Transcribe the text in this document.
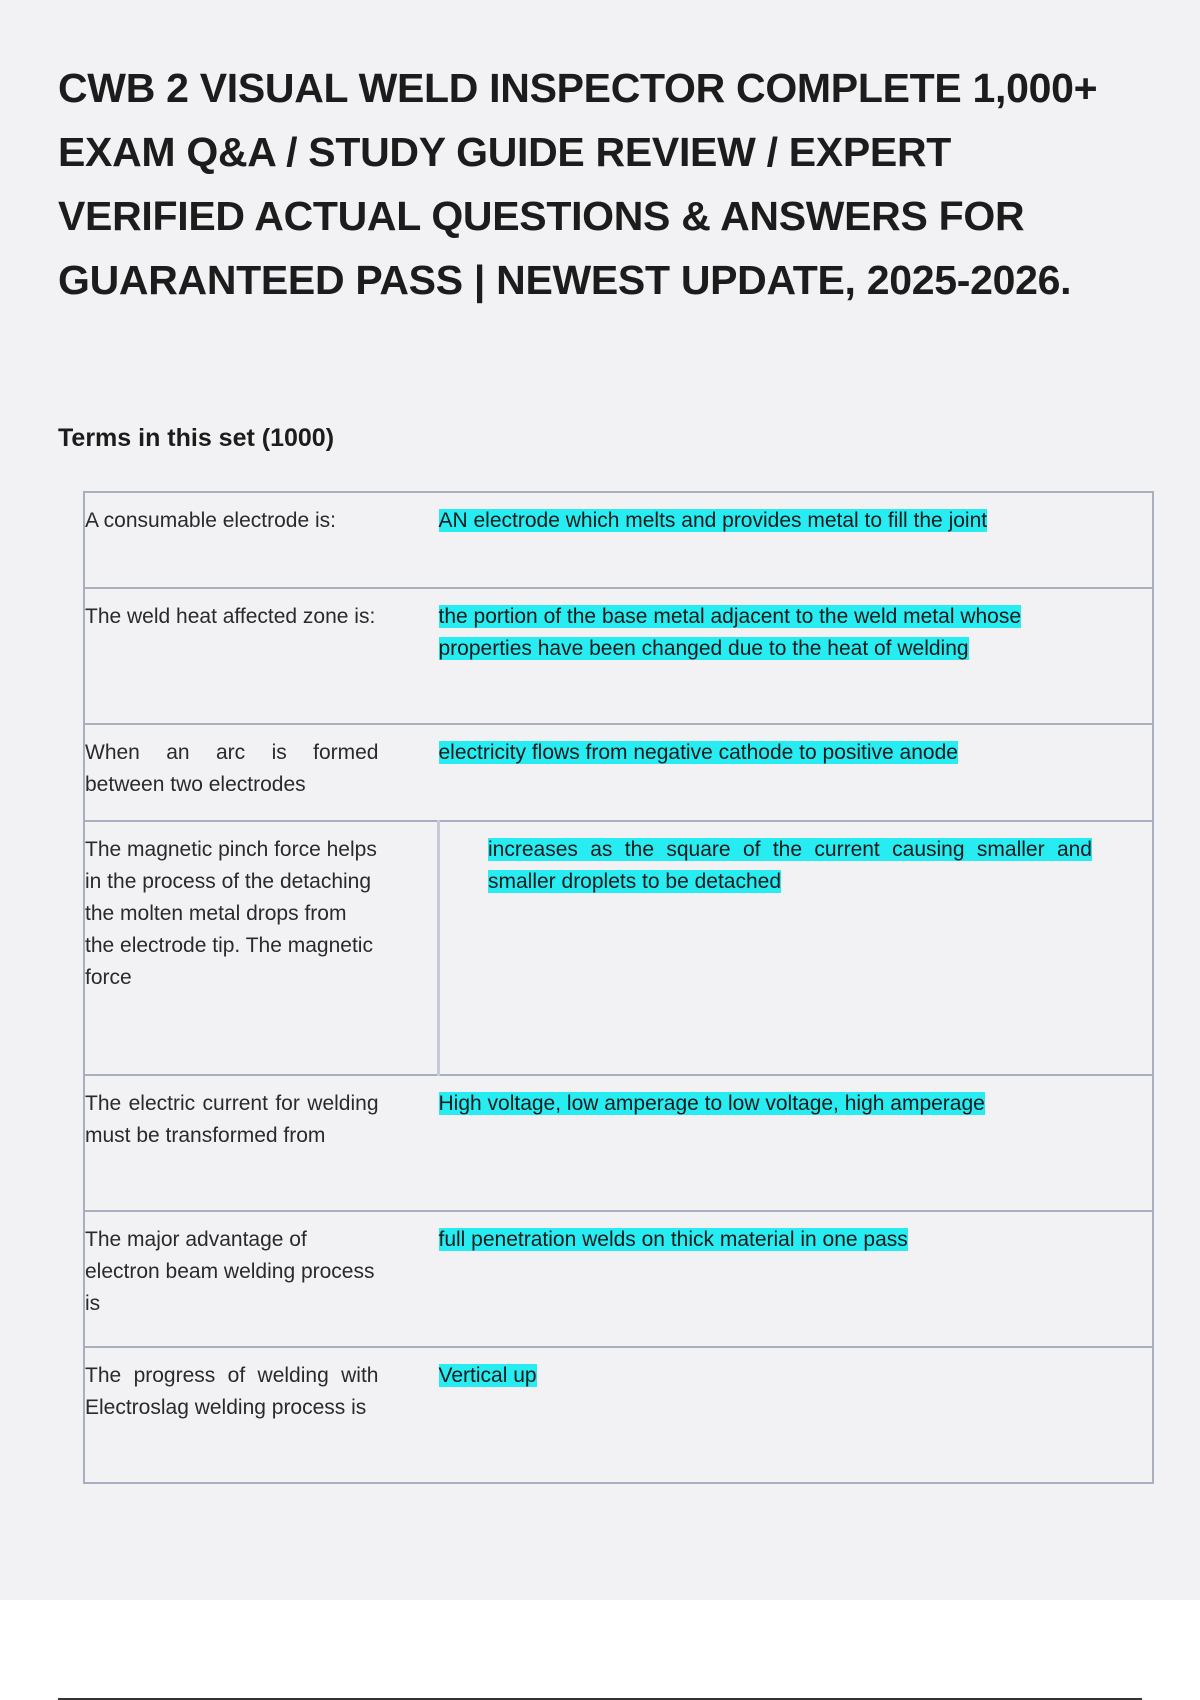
CWB 2 VISUAL WELD INSPECTOR COMPLETE 1,000+ EXAM Q&A / STUDY GUIDE REVIEW / EXPERT VERIFIED ACTUAL QUESTIONS & ANSWERS FOR GUARANTEED PASS | NEWEST UPDATE, 2025-2026.
Terms in this set (1000)
A consumable electrode is:	AN electrode which melts and provides metal to fill the joint
The weld heat affected zone is:	the portion of the base metal adjacent to the weld metal whose properties have been changed due to the heat of welding
When an arc is formed between two electrodes	electricity flows from negative cathode to positive anode
The magnetic pinch force helps in the process of the detaching the molten metal drops from the electrode tip. The magnetic force	increases as the square of the current causing smaller and smaller droplets to be detached
The electric current for welding must be transformed from	High voltage, low amperage to low voltage, high amperage
The major advantage of electron beam welding process is	full penetration welds on thick material in one pass
The progress of welding with Electroslag welding process is	Vertical up
